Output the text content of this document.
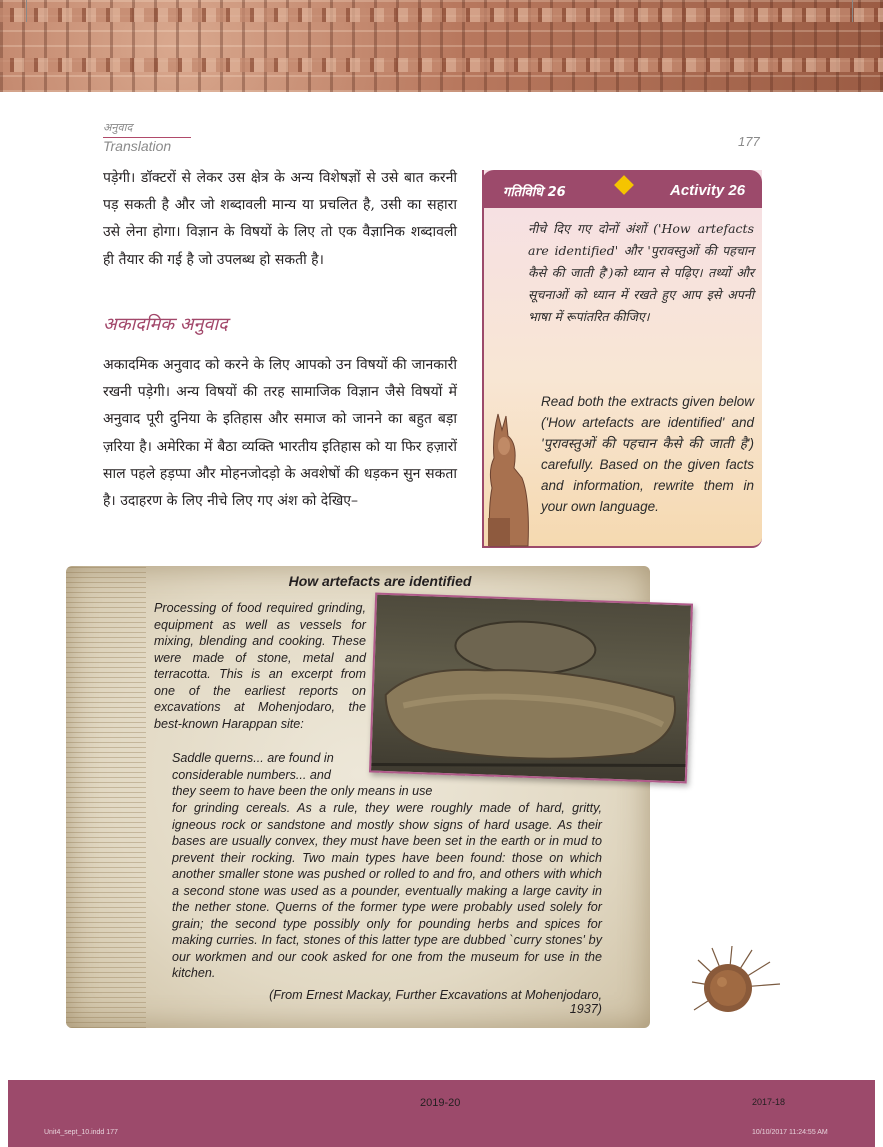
अनुवाद
Translation	177

पड़ेगी। डॉक्टरों से लेकर उस क्षेत्र के अन्य विशेषज्ञों से उसे बात करनी पड़ सकती है और जो शब्दावली मान्य या प्रचलित है, उसी का सहारा उसे लेना होगा। विज्ञान के विषयों के लिए तो एक वैज्ञानिक शब्दावली ही तैयार की गई है जो उपलब्ध हो सकती है।

अकादमिक अनुवाद

अकादमिक अनुवाद को करने के लिए आपको उन विषयों की जानकारी रखनी पड़ेगी। अन्य विषयों की तरह सामाजिक विज्ञान जैसे विषयों में अनुवाद पूरी दुनिया के इतिहास और समाज को जानने का बहुत बड़ा ज़रिया है। अमेरिका में बैठा व्यक्ति भारतीय इतिहास को या फिर हज़ारों साल पहले हड़प्पा और मोहनजोदड़ो के अवशेषों की धड़कन सुन सकता है। उदाहरण के लिए नीचे लिए गए अंश को देखिए–

गतिविधि 26	Activity 26

नीचे दिए गए दोनों अंशों ('How artefacts are identified' और 'पुरावस्तुओं की पहचान कैसे की जाती है')को ध्यान से पढ़िए। तथ्यों और सूचनाओं को ध्यान में रखते हुए आप इसे अपनी भाषा में रूपांतरित कीजिए।

Read both the extracts given below ('How artefacts are identified' and 'पुरावस्तुओं की पहचान कैसे की जाती है') carefully. Based on the given facts and information, rewrite them in your own language.

How artefacts are identified

Processing of food required grinding, equipment as well as vessels for mixing, blending and cooking. These were made of stone, metal and terracotta. This is an excerpt from one of the earliest reports on excavations at Mohenjodaro, the best-known Harappan site:

Saddle querns... are found in considerable numbers... and

they seem to have been the only means in use

for grinding cereals. As a rule, they were roughly made of hard, gritty, igneous rock or sandstone and mostly show signs of hard usage. As their bases are usually convex, they must have been set in the earth or in mud to prevent their rocking. Two main types have been found: those on which another smaller stone was pushed or rolled to and fro, and others with which a second stone was used as a pounder, eventually making a large cavity in the nether stone. Querns of the former type were probably used solely for grain; the second type possibly only for pounding herbs and spices for making curries. In fact, stones of this latter type are dubbed `curry stones' by our workmen and our cook asked for one from the museum for use in the kitchen.

(From Ernest Mackay, Further Excavations at Mohenjodaro, 1937)
2019-20	2017-18
Unit4_sept_10.indd 177	10/10/2017 11:24:55 AM
